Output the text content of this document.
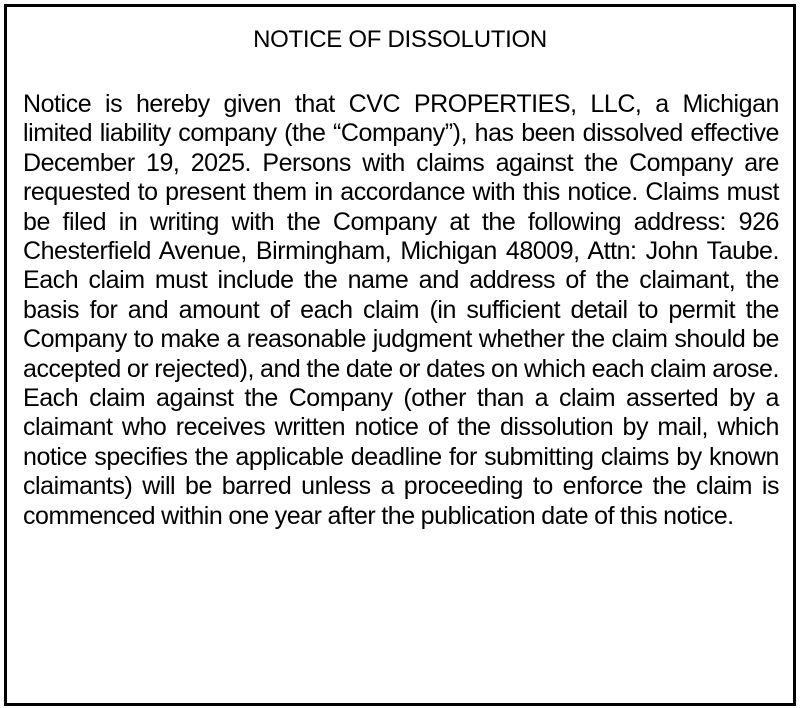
NOTICE OF DISSOLUTION

Notice is hereby given that CVC PROPERTIES, LLC, a Michigan limited liability company (the “Company”), has been dissolved effective December 19, 2025. Persons with claims against the Company are requested to present them in accordance with this notice. Claims must be filed in writing with the Company at the following address: 926 Chesterfield Avenue, Birmingham, Michigan 48009, Attn: John Taube. Each claim must include the name and address of the claimant, the basis for and amount of each claim (in sufficient detail to permit the Company to make a reasonable judgment whether the claim should be accepted or rejected), and the date or dates on which each claim arose. Each claim against the Company (other than a claim asserted by a claimant who receives written notice of the dissolution by mail, which notice specifies the applicable deadline for submitting claims by known claimants) will be barred unless a proceeding to enforce the claim is commenced within one year after the publication date of this notice.
